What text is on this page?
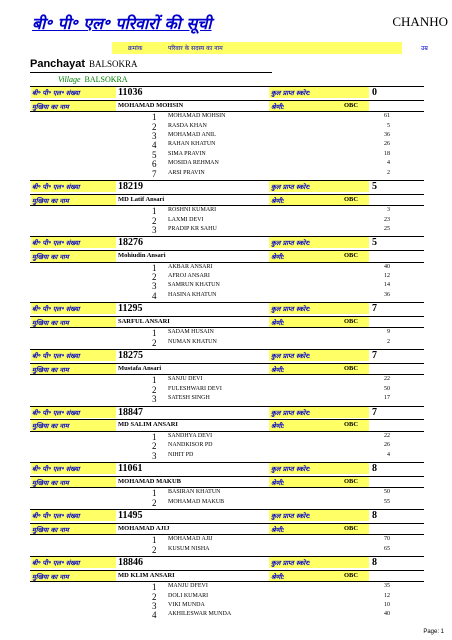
बी॰ पी॰ एल॰ परिवारों की सूची	CHANHO
क्रमांक	परिवार के सदस्य का नाम	उम्र
Panchayat BALSOKRA
Village BALSOKRA
बी॰ पी॰ एल॰ संख्या	11036	कुल प्राप्त स्कोर:	0
मुखिया का नाम	MOHAMAD MOHSIN	श्रेणी:	OBC
1 MOHAMAD MOHSIN	61
2 RASDA KHAN	5
3 MOHAMAD ANIL	36
4 RAHAN KHATUN	26
5 SIMA PRAVIN	18
6 MOSIDA REHMAN	4
7 ARSI PRAVIN	2
बी॰ पी॰ एल॰ संख्या	18219	कुल प्राप्त स्कोर:	5
मुखिया का नाम	MD Latif Ansari	श्रेणी:	OBC
1 ROSHNI KUMARI	3
2 LAXMI DEVI	23
3 PRADIP KR SAHU	25
बी॰ पी॰ एल॰ संख्या	18276	कुल प्राप्त स्कोर:	5
मुखिया का नाम	Mohiudin Ansari	श्रेणी:	OBC
1 AKBAR ANSARI	40
2 AFROJ ANSARI	12
3 SAMRUN KHATUN	14
4 HASINA KHATUN	36
बी॰ पी॰ एल॰ संख्या	11295	कुल प्राप्त स्कोर:	7
मुखिया का नाम	SARFUL ANSARI	श्रेणी:	OBC
1 SADAM HUSAIN	9
2 NUMAN KHATUN	2
बी॰ पी॰ एल॰ संख्या	18275	कुल प्राप्त स्कोर:	7
मुखिया का नाम	Mustafa Ansari	श्रेणी:	OBC
1 SANJU DEVI	22
2 FULESHWARI DEVI	50
3 SATESH SINGH	17
बी॰ पी॰ एल॰ संख्या	18847	कुल प्राप्त स्कोर:	7
मुखिया का नाम	MD SALIM ANSARI	श्रेणी:	OBC
1 SANDHYA DEVI	22
2 NANDKISOR PD	26
3 NIHIT PD	4
बी॰ पी॰ एल॰ संख्या	11061	कुल प्राप्त स्कोर:	8
मुखिया का नाम	MOHAMAD MAKUB	श्रेणी:	OBC
1 BASIRAN KHATUN	50
2 MOHAMAD MAKUB	55
बी॰ पी॰ एल॰ संख्या	11495	कुल प्राप्त स्कोर:	8
मुखिया का नाम	MOHAMAD AJIJ	श्रेणी:	OBC
1 MOHAMAD AJIJ	70
2 KUSUM NISHA	65
बी॰ पी॰ एल॰ संख्या	18846	कुल प्राप्त स्कोर:	8
मुखिया का नाम	MD KLIM ANSARI	श्रेणी:	OBC
1 MANJU DFEVI	35
2 DOLI KUMARI	12
3 VIKI MUNDA	10
4 AKHILESWAR MUNDA	40
Page: 1
